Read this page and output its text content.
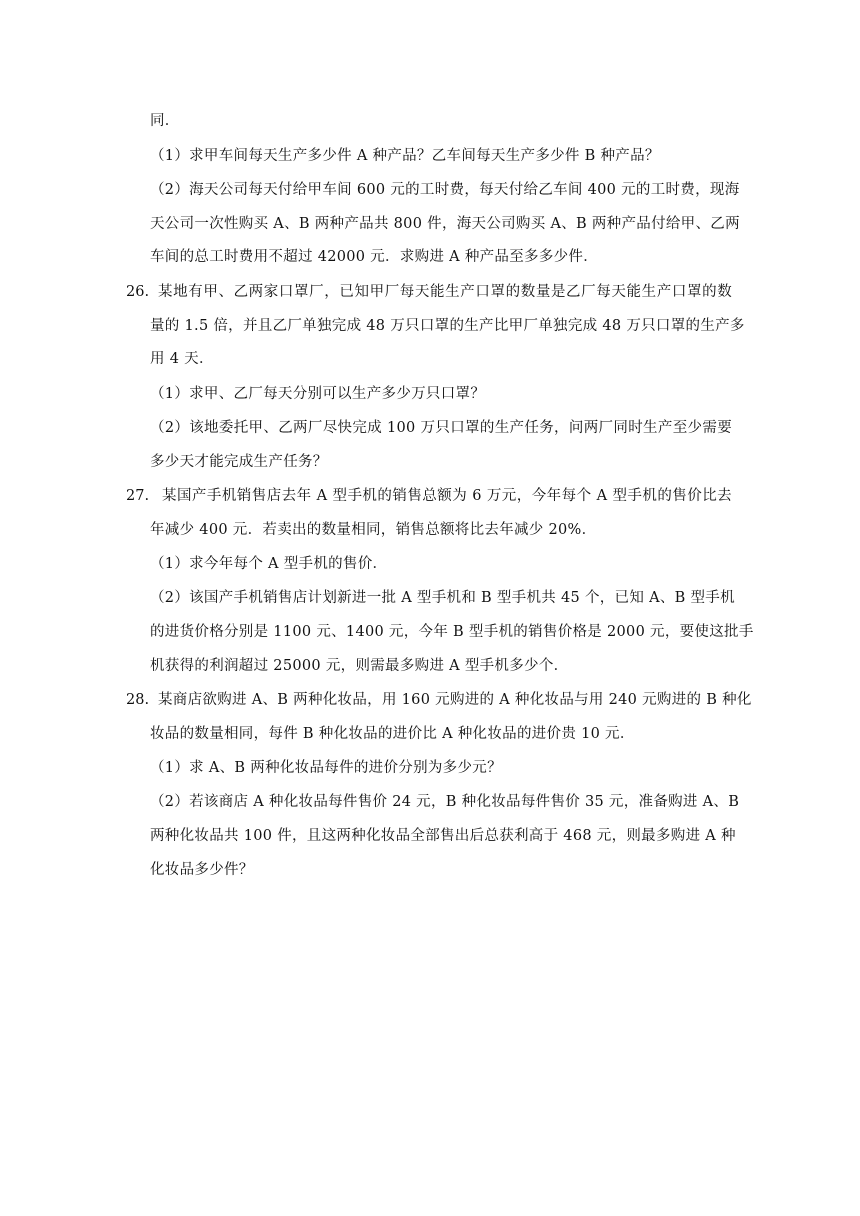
同．
（1）求甲车间每天生产多少件 A 种产品？乙车间每天生产多少件 B 种产品？
（2）海天公司每天付给甲车间 600 元的工时费，每天付给乙车间 400 元的工时费，现海
天公司一次性购买 A、B 两种产品共 800 件，海天公司购买 A、B 两种产品付给甲、乙两
车间的总工时费用不超过 42000 元．求购进 A 种产品至多多少件．
26. 某地有甲、乙两家口罩厂，已知甲厂每天能生产口罩的数量是乙厂每天能生产口罩的数
量的 1.5 倍，并且乙厂单独完成 48 万只口罩的生产比甲厂单独完成 48 万只口罩的生产多
用 4 天．
（1）求甲、乙厂每天分别可以生产多少万只口罩？
（2）该地委托甲、乙两厂尽快完成 100 万只口罩的生产任务，问两厂同时生产至少需要
多少天才能完成生产任务？
27. 某国产手机销售店去年 A 型手机的销售总额为 6 万元，今年每个 A 型手机的售价比去
年减少 400 元．若卖出的数量相同，销售总额将比去年减少 20%．
（1）求今年每个 A 型手机的售价．
（2）该国产手机销售店计划新进一批 A 型手机和 B 型手机共 45 个，已知 A、B 型手机
的进货价格分别是 1100 元、1400 元，今年 B 型手机的销售价格是 2000 元，要使这批手
机获得的利润超过 25000 元，则需最多购进 A 型手机多少个．
28. 某商店欲购进 A、B 两种化妆品，用 160 元购进的 A 种化妆品与用 240 元购进的 B 种化
妆品的数量相同，每件 B 种化妆品的进价比 A 种化妆品的进价贵 10 元．
（1）求 A、B 两种化妆品每件的进价分别为多少元？
（2）若该商店 A 种化妆品每件售价 24 元，B 种化妆品每件售价 35 元，准备购进 A、B
两种化妆品共 100 件，且这两种化妆品全部售出后总获利高于 468 元，则最多购进 A 种
化妆品多少件？
